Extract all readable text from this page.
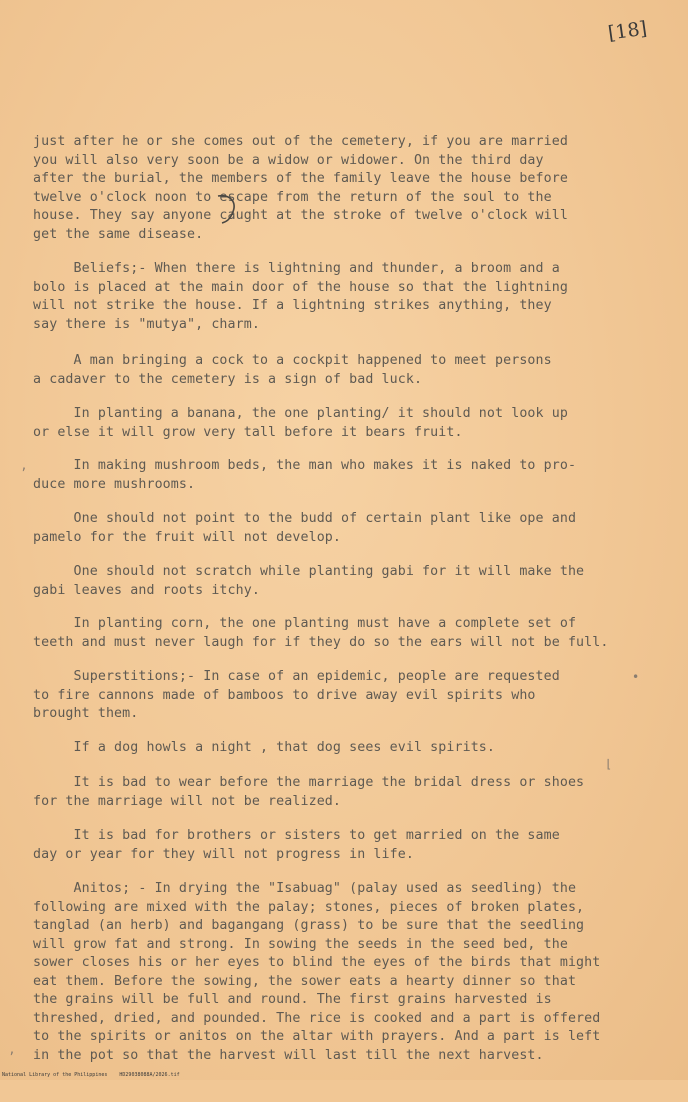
[18]

just after he or she comes out of the cemetery, if you are married
you will also very soon be a widow or widower. On the third day
after the burial, the members of the family leave the house before
twelve o'clock noon to escape from the return of the soul to the
house. They say anyone caught at the stroke of twelve o'clock will
get the same disease.

Beliefs;- When there is lightning and thunder, a broom and a
bolo is placed at the main door of the house so that the lightning
will not strike the house. If a lightning strikes anything, they
say there is "mutya", charm.

A man bringing a cock to a cockpit happened to meet persons
a cadaver to the cemetery is a sign of bad luck.

In planting a banana, the one planting/ it should not look up
or else it will grow very tall before it bears fruit.

In making mushroom beds, the man who makes it is naked to pro-
duce more mushrooms.

One should not point to the budd of certain plant like ope and
pamelo for the fruit will not develop.

One should not scratch while planting gabi for it will make the
gabi leaves and roots itchy.

In planting corn, the one planting must have a complete set of
teeth and must never laugh for if they do so the ears will not be full.

Superstitions;- In case of an epidemic, people are requested
to fire cannons made of bamboos to drive away evil spirits who
brought them.

If a dog howls a night , that dog sees evil spirits.

It is bad to wear before the marriage the bridal dress or shoes
for the marriage will not be realized.

It is bad for brothers or sisters to get married on the same
day or year for they will not progress in life.

Anitos; - In drying the "Isabuag" (palay used as seedling) the
following are mixed with the palay; stones, pieces of broken plates,
tanglad (an herb) and bagangang (grass) to be sure that the seedling
will grow fat and strong. In sowing the seeds in the seed bed, the
sower closes his or her eyes to blind the eyes of the birds that might
eat them. Before the sowing, the sower eats a hearty dinner so that
the grains will be full and round. The first grains harvested is
threshed, dried, and pounded. The rice is cooked and a part is offered
to the spirits or anitos on the altar with prayers. And a part is left
in the pot so that the harvest will last till the next harvest.

’
•
⌊
’
National Library of the Philippines    HD29038088A/2026.tif
